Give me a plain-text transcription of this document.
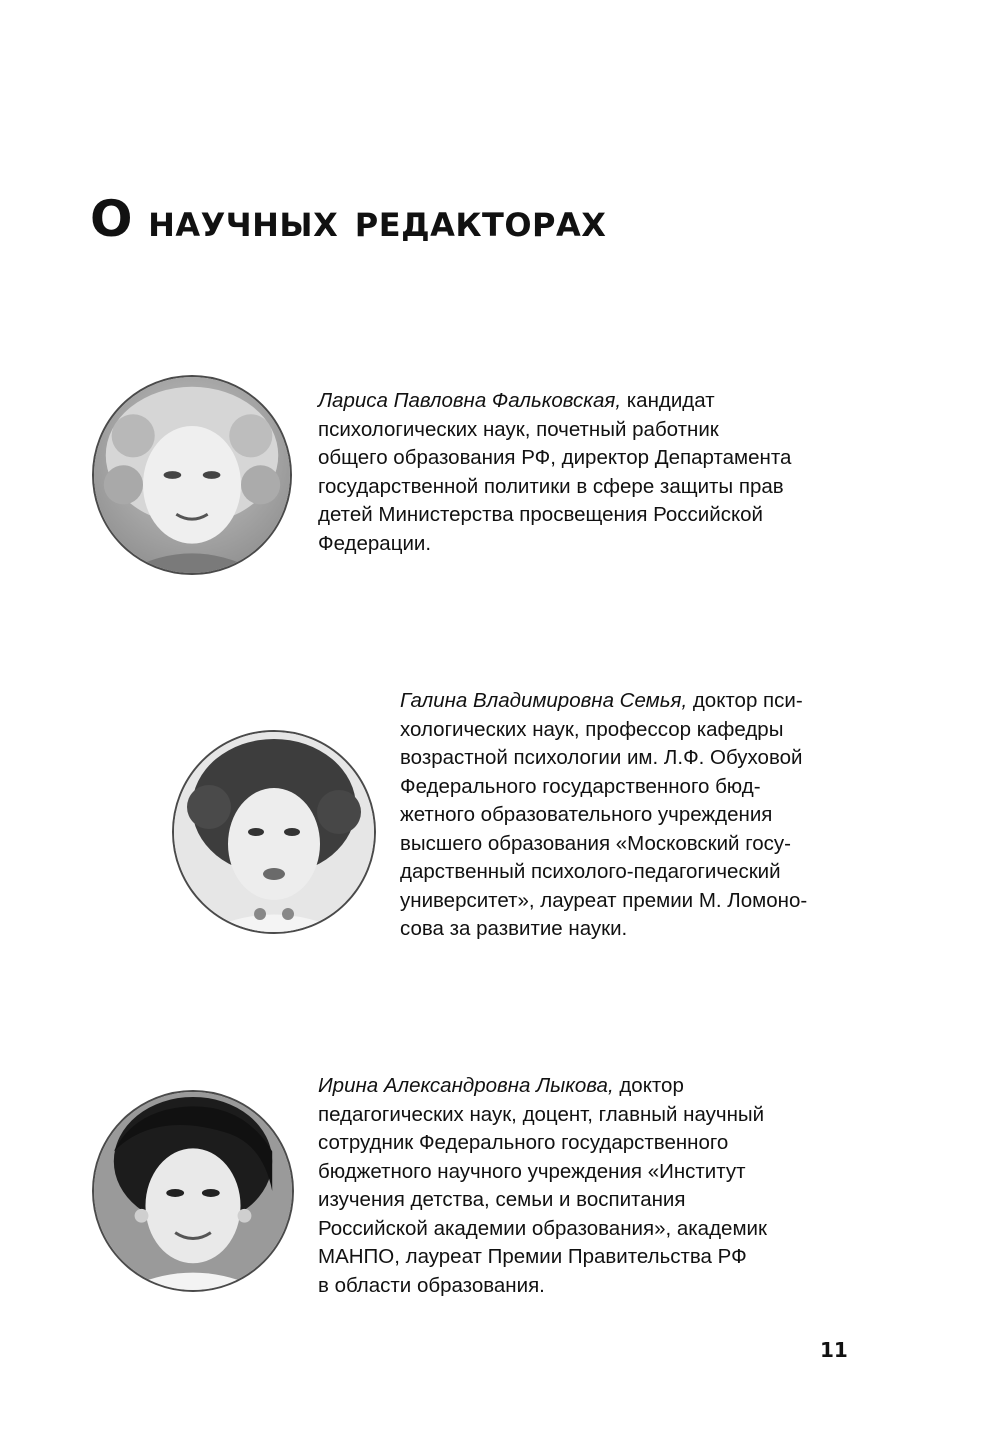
О научных редакторах

Лариса Павловна Фальковская, кандидат
психологических наук, почетный работник
общего образования РФ, директор Департамента
государственной политики в сфере защиты прав
детей Министерства просвещения Российской
Федерации.

Галина Владимировна Семья, доктор пси-
хологических наук, профессор кафедры
возрастной психологии им. Л.Ф. Обуховой
Федерального государственного бюд-
жетного образовательного учреждения
высшего образования «Московский госу-
дарственный психолого-педагогический
университет», лауреат премии М. Ломоно-
сова за развитие науки.

Ирина Александровна Лыкова, доктор
педагогических наук, доцент, главный научный
сотрудник Федерального государственного
бюджетного научного учреждения «Институт
изучения детства, семьи и воспитания
Российской академии образования», академик
МАНПО, лауреат Премии Правительства РФ
в области образования.

11
